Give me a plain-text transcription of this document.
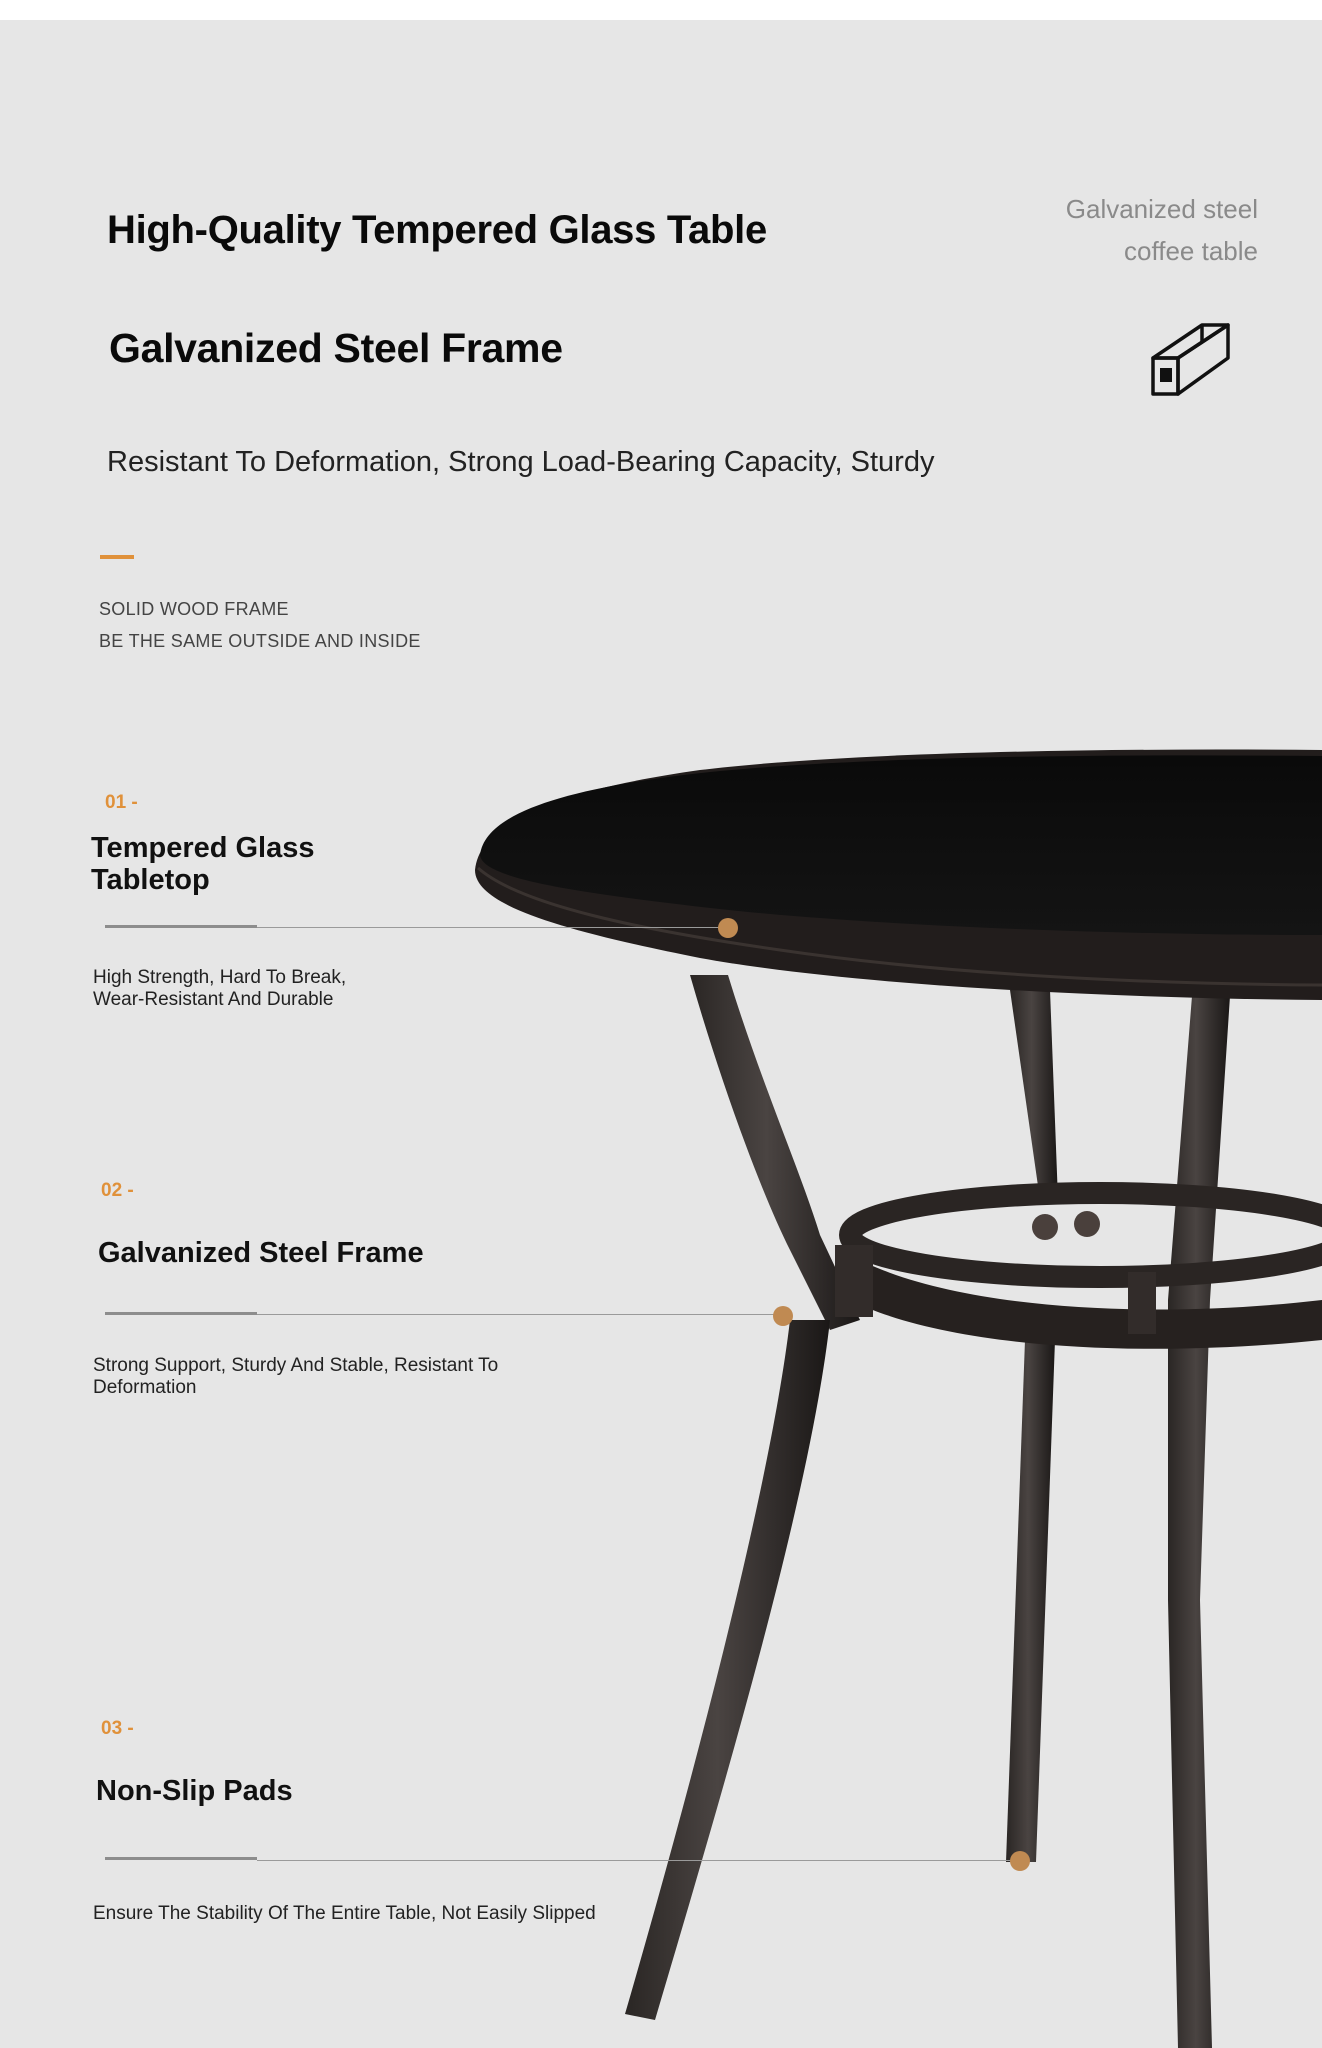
High-Quality Tempered Glass Table
Galvanized Steel Frame

Resistant To Deformation, Strong Load-Bearing Capacity, Sturdy

Galvanized steel
coffee table
SOLID WOOD FRAME
BE THE SAME OUTSIDE AND INSIDE
01 -
Tempered Glass Tabletop
High Strength, Hard To Break, Wear-Resistant And Durable
02 -
Galvanized Steel Frame
Strong Support, Sturdy And Stable, Resistant To Deformation
03 -
Non-Slip Pads
Ensure The Stability Of The Entire Table, Not Easily Slipped
